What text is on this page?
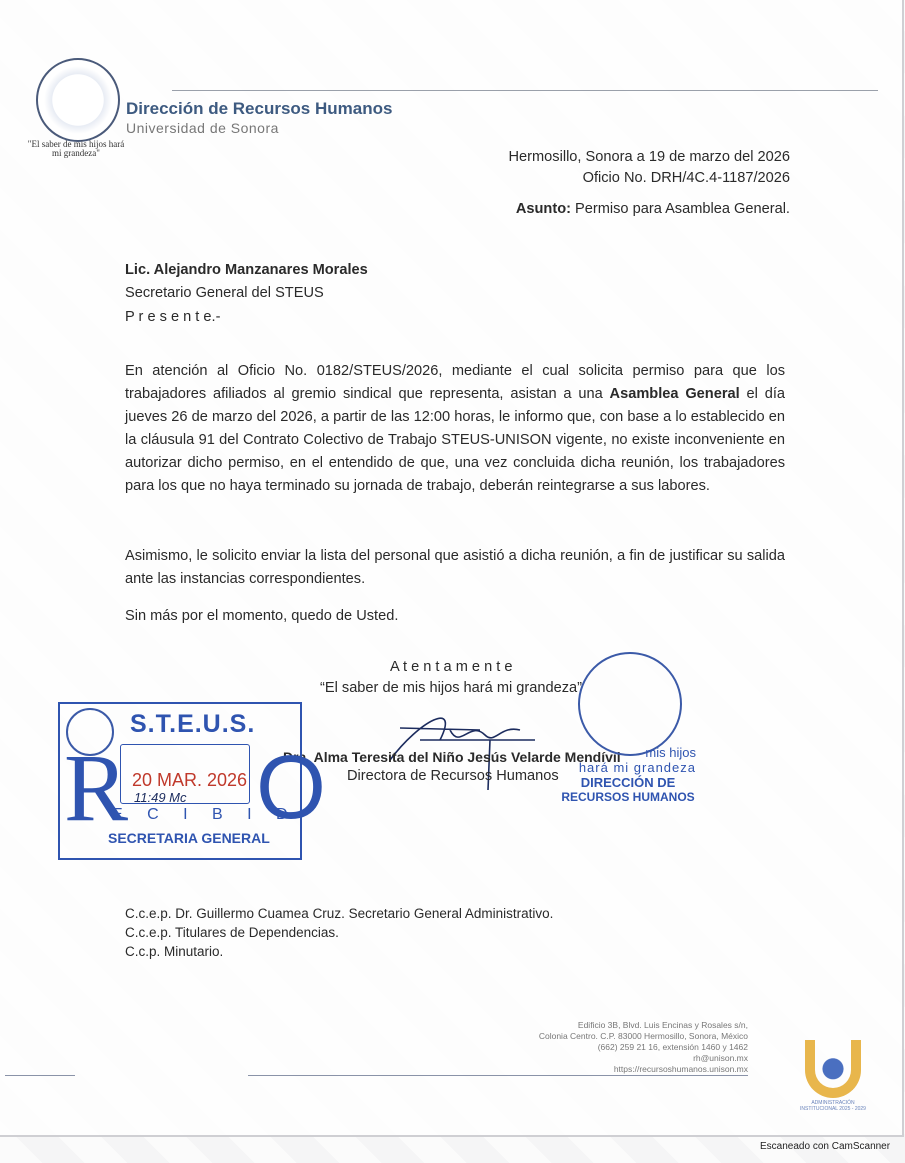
"El saber de mis hijos hará mi grandeza"
Dirección de Recursos Humanos
Universidad de Sonora
Hermosillo, Sonora a 19 de marzo del 2026
Oficio No. DRH/4C.4-1187/2026
Asunto: Permiso para Asamblea General.
Lic. Alejandro Manzanares Morales
Secretario General del STEUS
P r e s e n t e.-
En atención al Oficio No. 0182/STEUS/2026, mediante el cual solicita permiso para que los trabajadores afiliados al gremio sindical que representa, asistan a una Asamblea General el día jueves 26 de marzo del 2026, a partir de las 12:00 horas, le informo que, con base a lo establecido en la cláusula 91 del Contrato Colectivo de Trabajo STEUS-UNISON vigente, no existe inconveniente en autorizar dicho permiso, en el entendido de que, una vez concluida dicha reunión, los trabajadores para los que no haya terminado su jornada de trabajo, deberán reintegrarse a sus labores.
Asimismo, le solicito enviar la lista del personal que asistió a dicha reunión, a fin de justificar su salida ante las instancias correspondientes.
Sin más por el momento, quedo de Usted.
A t e n t a m e n t e
“El saber de mis hijos hará mi grandeza”
Dra. Alma Teresita del Niño Jesús Velarde Mendívil
Directora de Recursos Humanos
mis hijos
hará mi grandeza
DIRECCIÓN DE
RECURSOS HUMANOS
S.T.E.U.S.
R O
20 MAR. 2026
11:49 Mc
E C I B I D
SECRETARIA GENERAL
C.c.e.p. Dr. Guillermo Cuamea Cruz. Secretario General Administrativo.
C.c.e.p. Titulares de Dependencias.
C.c.p. Minutario.
Edificio 3B, Blvd. Luis Encinas y Rosales s/n,
Colonia Centro. C.P. 83000 Hermosillo, Sonora, México
(662) 259 21 16, extensión 1460 y 1462
rh@unison.mx
https://recursoshumanos.unison.mx
ADMINISTRACIÓN INSTITUCIONAL 2025 - 2029
Escaneado con CamScanner
